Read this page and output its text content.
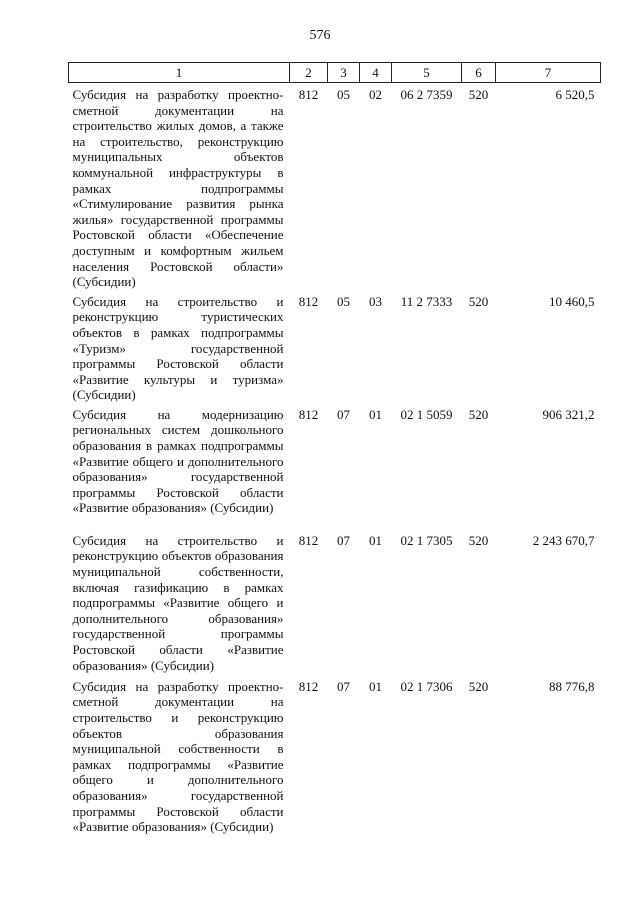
576
1	2	3	4	5	6	7
Субсидия на разработку проектно-сметной документации на строительство жилых домов, а также на строительство, реконструкцию муниципальных объектов коммунальной инфраструктуры в рамках подпрограммы «Стимулирование развития рынка жилья» государственной программы Ростовской области «Обеспечение доступным и комфортным жильем населения Ростовской области» (Субсидии)	812	05	02	06 2 7359	520	6 520,5
Субсидия на строительство и реконструкцию туристических объектов в рамках подпрограммы «Туризм» государственной программы Ростовской области «Развитие культуры и туризма» (Субсидии)	812	05	03	11 2 7333	520	10 460,5
Субсидия на модернизацию региональных систем дошкольного образования в рамках подпрограммы «Развитие общего и дополнительного образования» государственной программы Ростовской области «Развитие образования» (Субсидии)	812	07	01	02 1 5059	520	906 321,2
Субсидия на строительство и реконструкцию объектов образования муниципальной собственности, включая газификацию в рамках подпрограммы «Развитие общего и дополнительного образования» государственной программы Ростовской области «Развитие образования» (Субсидии)	812	07	01	02 1 7305	520	2 243 670,7
Субсидия на разработку проектно-сметной документации на строительство и реконструкцию объектов образования муниципальной собственности в рамках подпрограммы «Развитие общего и дополнительного образования» государственной программы Ростовской области «Развитие образования» (Субсидии)	812	07	01	02 1 7306	520	88 776,8
